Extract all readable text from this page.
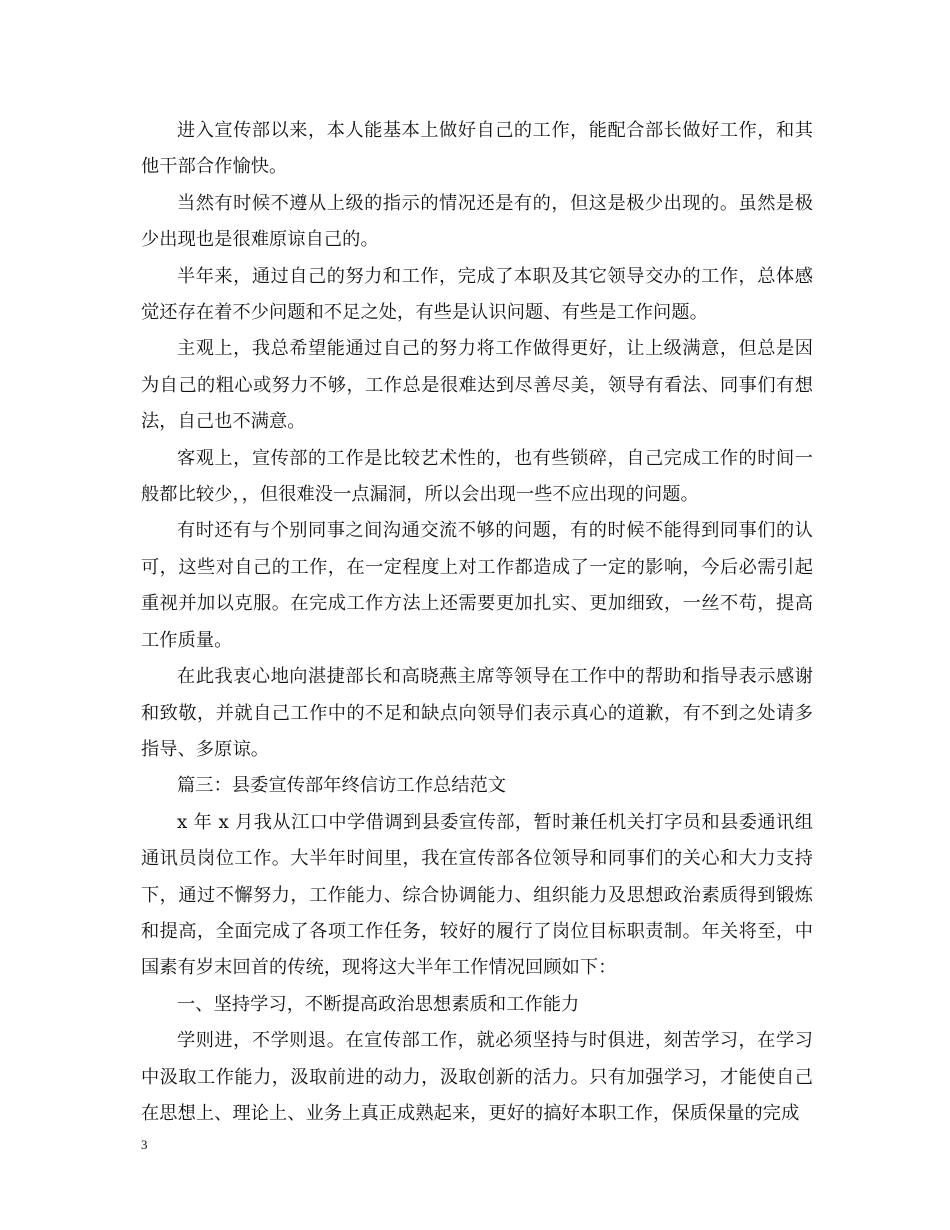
进入宣传部以来，本人能基本上做好自己的工作，能配合部长做好工作，和其他干部合作愉快。

当然有时候不遵从上级的指示的情况还是有的，但这是极少出现的。虽然是极少出现也是很难原谅自己的。

半年来，通过自己的努力和工作，完成了本职及其它领导交办的工作，总体感觉还存在着不少问题和不足之处，有些是认识问题、有些是工作问题。

主观上，我总希望能通过自己的努力将工作做得更好，让上级满意，但总是因为自己的粗心或努力不够，工作总是很难达到尽善尽美，领导有看法、同事们有想法，自己也不满意。

客观上，宣传部的工作是比较艺术性的，也有些锁碎，自己完成工作的时间一般都比较少，，但很难没一点漏洞，所以会出现一些不应出现的问题。

有时还有与个别同事之间沟通交流不够的问题，有的时候不能得到同事们的认可，这些对自己的工作，在一定程度上对工作都造成了一定的影响，今后必需引起重视并加以克服。在完成工作方法上还需要更加扎实、更加细致，一丝不苟，提高工作质量。

在此我衷心地向湛捷部长和高晓燕主席等领导在工作中的帮助和指导表示感谢和致敬，并就自己工作中的不足和缺点向领导们表示真心的道歉，有不到之处请多指导、多原谅。

篇三：县委宣传部年终信访工作总结范文

x 年 x 月我从江口中学借调到县委宣传部，暂时兼任机关打字员和县委通讯组通讯员岗位工作。大半年时间里，我在宣传部各位领导和同事们的关心和大力支持下，通过不懈努力，工作能力、综合协调能力、组织能力及思想政治素质得到锻炼和提高，全面完成了各项工作任务，较好的履行了岗位目标职责制。年关将至，中国素有岁末回首的传统，现将这大半年工作情况回顾如下：

一、坚持学习，不断提高政治思想素质和工作能力

学则进，不学则退。在宣传部工作，就必须坚持与时俱进，刻苦学习，在学习中汲取工作能力，汲取前进的动力，汲取创新的活力。只有加强学习，才能使自己在思想上、理论上、业务上真正成熟起来，更好的搞好本职工作，保质保量的完成

3
